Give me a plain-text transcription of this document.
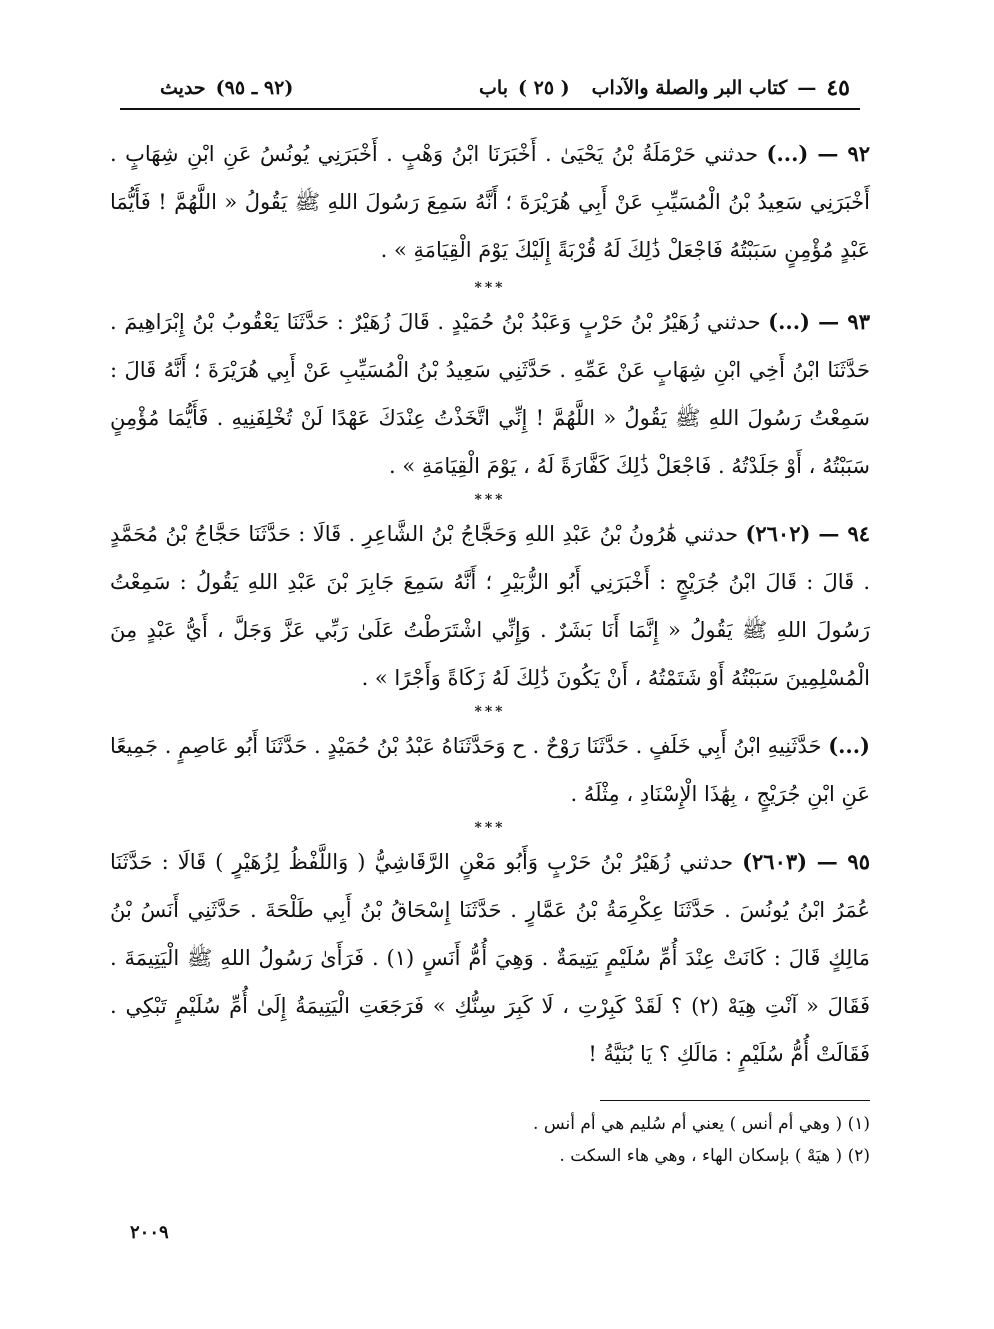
٤٥
—
كتاب البر والصلة والآداب
( ٢٥ )
باب
(٩٢ ـ ٩٥)
حديث

٩٢ — (...) حدثني حَرْمَلَةُ بْنُ يَحْيَىٰ . أَخْبَرَنَا ابْنُ وَهْبٍ . أَخْبَرَنِي يُونُسُ عَنِ ابْنِ شِهَابٍ . أَخْبَرَنِي سَعِيدُ بْنُ الْمُسَيِّبِ عَنْ أَبِي هُرَيْرَةَ ؛ أَنَّهُ سَمِعَ رَسُولَ اللهِ ﷺ يَقُولُ « اللَّهُمَّ ! فَأَيُّمَا عَبْدٍ مُؤْمِنٍ سَبَبْتُهُ فَاجْعَلْ ذَٰلِكَ لَهُ قُرْبَةً إِلَيْكَ يَوْمَ الْقِيَامَةِ » .

***

٩٣ — (...) حدثني زُهَيْرُ بْنُ حَرْبٍ وَعَبْدُ بْنُ حُمَيْدٍ . قَالَ زُهَيْرٌ : حَدَّثَنَا يَعْقُوبُ بْنُ إِبْرَاهِيمَ . حَدَّثَنَا ابْنُ أَخِي ابْنِ شِهَابٍ عَنْ عَمِّهِ . حَدَّثَنِي سَعِيدُ بْنُ الْمُسَيِّبِ عَنْ أَبِي هُرَيْرَةَ ؛ أَنَّهُ قَالَ : سَمِعْتُ رَسُولَ اللهِ ﷺ يَقُولُ « اللَّهُمَّ ! إِنِّي اتَّخَذْتُ عِنْدَكَ عَهْدًا لَنْ تُخْلِفَنِيهِ . فَأَيُّمَا مُؤْمِنٍ سَبَبْتُهُ ، أَوْ جَلَدْتُهُ . فَاجْعَلْ ذَٰلِكَ كَفَّارَةً لَهُ ، يَوْمَ الْقِيَامَةِ » .

***

٩٤ — (٢٦٠٢) حدثني هَٰرُونُ بْنُ عَبْدِ اللهِ وَحَجَّاجُ بْنُ الشَّاعِرِ . قَالَا : حَدَّثَنَا حَجَّاجُ بْنُ مُحَمَّدٍ . قَالَ : قَالَ ابْنُ جُرَيْجٍ : أَخْبَرَنِي أَبُو الزُّبَيْرِ ؛ أَنَّهُ سَمِعَ جَابِرَ بْنَ عَبْدِ اللهِ يَقُولُ : سَمِعْتُ رَسُولَ اللهِ ﷺ يَقُولُ « إِنَّمَا أَنَا بَشَرٌ . وَإِنِّي اشْتَرَطْتُ عَلَىٰ رَبِّي عَزَّ وَجَلَّ ، أَيُّ عَبْدٍ مِنَ الْمُسْلِمِينَ سَبَبْتُهُ أَوْ شَتَمْتُهُ ، أَنْ يَكُونَ ذَٰلِكَ لَهُ زَكَاةً وَأَجْرًا » .

***

(...) حَدَّثَنِيهِ ابْنُ أَبِي خَلَفٍ . حَدَّثَنَا رَوْحٌ . ح وَحَدَّثَنَاهُ عَبْدُ بْنُ حُمَيْدٍ . حَدَّثَنَا أَبُو عَاصِمٍ . جَمِيعًا عَنِ ابْنِ جُرَيْجٍ ، بِهَٰذَا الْإِسْنَادِ ، مِثْلَهُ .

***

٩٥ — (٢٦٠٣) حدثني زُهَيْرُ بْنُ حَرْبٍ وَأَبُو مَعْنٍ الرَّقَاشِيُّ ( وَاللَّفْظُ لِزُهَيْرٍ ) قَالَا : حَدَّثَنَا عُمَرُ ابْنُ يُونُسَ . حَدَّثَنَا عِكْرِمَةُ بْنُ عَمَّارٍ . حَدَّثَنَا إِسْحَاقُ بْنُ أَبِي طَلْحَةَ . حَدَّثَنِي أَنَسُ بْنُ مَالِكٍ قَالَ : كَانَتْ عِنْدَ أُمِّ سُلَيْمٍ يَتِيمَةٌ . وَهِيَ أُمُّ أَنَسٍ (١) . فَرَأَىٰ رَسُولُ اللهِ ﷺ الْيَتِيمَةَ . فَقَالَ « آنْتِ هِيَهْ (٢) ؟ لَقَدْ كَبِرْتِ ، لَا كَبِرَ سِنُّكِ » فَرَجَعَتِ الْيَتِيمَةُ إِلَىٰ أُمِّ سُلَيْمٍ تَبْكِي . فَقَالَتْ أُمُّ سُلَيْمٍ : مَالَكِ ؟ يَا بُنَيَّةُ !

(١) ( وهي أم أنس ) يعني أم سُليم هي أم أنس .

(٢) ( هيَهْ ) بإسكان الهاء ، وهي هاء السكت .

٢٠٠٩
